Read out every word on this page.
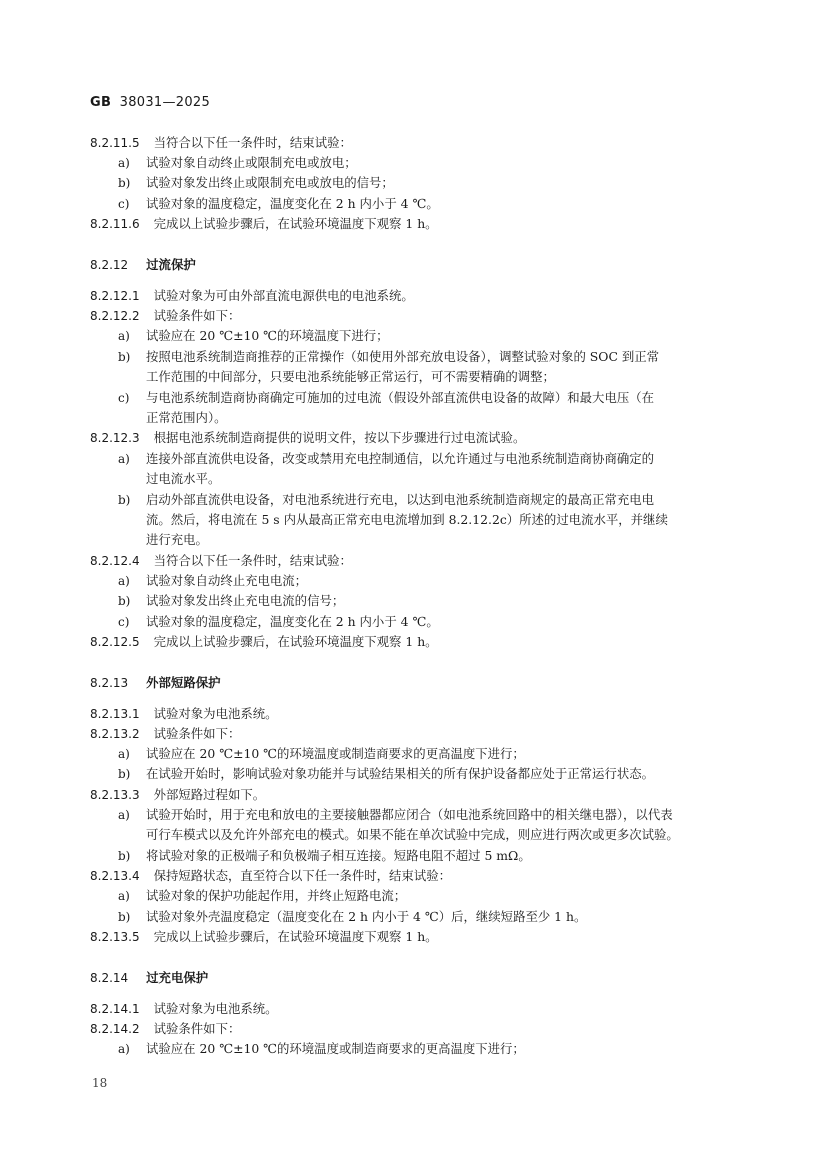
GB 38031—2025
8.2.11.5 当符合以下任一条件时，结束试验：
a)	试验对象自动终止或限制充电或放电；
b)	试验对象发出终止或限制充电或放电的信号；
c)	试验对象的温度稳定，温度变化在 2 h 内小于 4 ℃。
8.2.11.6 完成以上试验步骤后，在试验环境温度下观察 1 h。
8.2.12 过流保护
8.2.12.1 试验对象为可由外部直流电源供电的电池系统。
8.2.12.2 试验条件如下：
a)	试验应在 20 ℃±10 ℃的环境温度下进行；
b)	按照电池系统制造商推荐的正常操作（如使用外部充放电设备），调整试验对象的 SOC 到正常
工作范围的中间部分，只要电池系统能够正常运行，可不需要精确的调整；
c)	与电池系统制造商协商确定可施加的过电流（假设外部直流供电设备的故障）和最大电压（在
正常范围内）。
8.2.12.3 根据电池系统制造商提供的说明文件，按以下步骤进行过电流试验。
a)	连接外部直流供电设备，改变或禁用充电控制通信，以允许通过与电池系统制造商协商确定的
过电流水平。
b)	启动外部直流供电设备，对电池系统进行充电，以达到电池系统制造商规定的最高正常充电电
流。然后，将电流在 5 s 内从最高正常充电电流增加到 8.2.12.2c）所述的过电流水平，并继续
进行充电。
8.2.12.4 当符合以下任一条件时，结束试验：
a)	试验对象自动终止充电电流；
b)	试验对象发出终止充电电流的信号；
c)	试验对象的温度稳定，温度变化在 2 h 内小于 4 ℃。
8.2.12.5 完成以上试验步骤后，在试验环境温度下观察 1 h。
8.2.13 外部短路保护
8.2.13.1 试验对象为电池系统。
8.2.13.2 试验条件如下：
a)	试验应在 20 ℃±10 ℃的环境温度或制造商要求的更高温度下进行；
b)	在试验开始时，影响试验对象功能并与试验结果相关的所有保护设备都应处于正常运行状态。
8.2.13.3 外部短路过程如下。
a)	试验开始时，用于充电和放电的主要接触器都应闭合（如电池系统回路中的相关继电器），以代表
可行车模式以及允许外部充电的模式。如果不能在单次试验中完成，则应进行两次或更多次试验。
b)	将试验对象的正极端子和负极端子相互连接。短路电阻不超过 5 mΩ。
8.2.13.4 保持短路状态，直至符合以下任一条件时，结束试验：
a)	试验对象的保护功能起作用，并终止短路电流；
b)	试验对象外壳温度稳定（温度变化在 2 h 内小于 4 ℃）后，继续短路至少 1 h。
8.2.13.5 完成以上试验步骤后，在试验环境温度下观察 1 h。
8.2.14 过充电保护
8.2.14.1 试验对象为电池系统。
8.2.14.2 试验条件如下：
a)	试验应在 20 ℃±10 ℃的环境温度或制造商要求的更高温度下进行；
18
